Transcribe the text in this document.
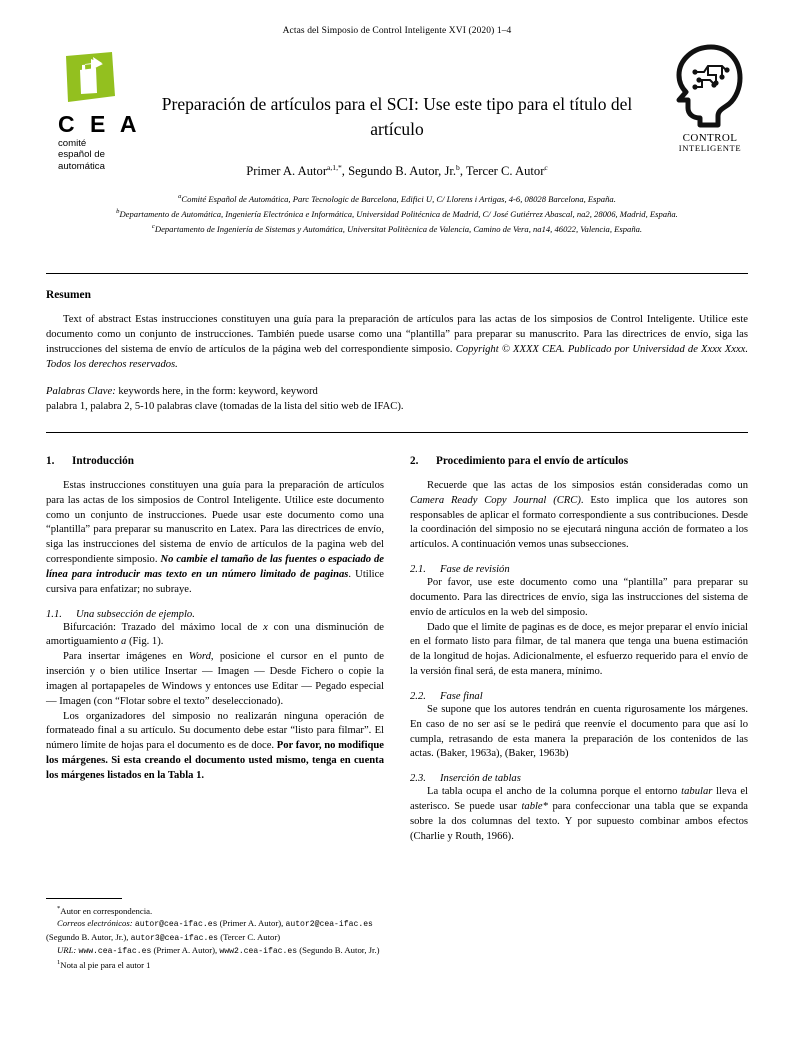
Actas del Simposio de Control Inteligente XVI (2020) 1–4
C E A
comité
español de
automática
CONTROL
INTELIGENTE
Preparación de artículos para el SCI: Use este tipo para el título del artículo
Primer A. Autor$^{a,1,*}$, Segundo B. Autor, Jr.$^b$, Tercer C. Autor$^c$
$^a$Comité Español de Automática, Parc Tecnologic de Barcelona, Edifici U, C/ Llorens i Artigas, 4-6, 08028 Barcelona, España.
$^b$Departamento de Automática, Ingeniería Electrónica e Informática, Universidad Politécnica de Madrid, C/ José Gutiérrez Abascal, na2, 28006, Madrid, España.
$^c$Departamento de Ingeniería de Sistemas y Automática, Universitat Politècnica de Valencia, Camino de Vera, na14, 46022, Valencia, España.
Resumen
Text of abstract Estas instrucciones constituyen una guía para la preparación de artículos para las actas de los simposios de Control Inteligente. Utilice este documento como un conjunto de instrucciones. También puede usarse como una “plantilla” para preparar su manuscrito. Para las directrices de envío, siga las instrucciones del sistema de envío de artículos de la página web del correspondiente simposio. Copyright © XXXX CEA. Publicado por Universidad de Xxxx Xxxx. Todos los derechos reservados.
Palabras Clave: keywords here, in the form: keyword, keyword
palabra 1, palabra 2, 5-10 palabras clave (tomadas de la lista del sitio web de IFAC).
1.	Introducción

Estas instrucciones constituyen una guía para la preparación de artículos para las actas de los simposios de Control Inteligente. Utilice este documento como un conjunto de instrucciones. Puede usar este documento como una “plantilla” para preparar su manuscrito en Latex. Para las directrices de envío, siga las instrucciones del sistema de envío de artículos de la pagina web del correspondiente simposio. No cambie el tamaño de las fuentes o espaciado de línea para introducir mas texto en un número limitado de paginas. Utilice cursiva para enfatizar; no subraye.

1.1.	Una subsección de ejemplo.

Bifurcación: Trazado del máximo local de x con una disminución de amortiguamiento a (Fig. 1).

Para insertar imágenes en Word, posicione el cursor en el punto de inserción y o bien utilice Insertar — Imagen — Desde Fichero o copie la imagen al portapapeles de Windows y entonces use Editar — Pegado especial — Imagen (con “Flotar sobre el texto” deseleccionado).

Los organizadores del simposio no realizarán ninguna operación de formateado final a su artículo. Su documento debe estar “listo para filmar”. El número límite de hojas para el documento es de doce. Por favor, no modifique los márgenes. Si esta creando el documento usted mismo, tenga en cuenta los márgenes listados en la Tabla 1.

2.	Procedimiento para el envío de artículos

Recuerde que las actas de los simposios están consideradas como un Camera Ready Copy Journal (CRC). Esto implica que los autores son responsables de aplicar el formato correspondiente a sus contribuciones. Desde la coordinación del simposio no se ejecutará ninguna acción de formateo a los artículos. A continuación vemos unas subsecciones.

2.1.	Fase de revisión

Por favor, use este documento como una “plantilla” para preparar su documento. Para las directrices de envío, siga las instrucciones del sistema de envío de artículos en la web del simposio.

Dado que el limite de paginas es de doce, es mejor preparar el envío inicial en el formato listo para filmar, de tal manera que tenga una buena estimación de la longitud de hojas. Adicionalmente, el esfuerzo requerido para el envío de la versión final será, de esta manera, mínimo.

2.2.	Fase final

Se supone que los autores tendrán en cuenta rigurosamente los márgenes. En caso de no ser así se le pedirá que reenvíe el documento para que así lo cumpla, retrasando de esta manera la preparación de los contenidos de las actas. (Baker, 1963a), (Baker, 1963b)

2.3.	Inserción de tablas

La tabla ocupa el ancho de la columna porque el entorno tabular lleva el asterisco. Se puede usar table* para confeccionar una tabla que se expanda sobre la dos columnas del texto. Y por supuesto combinar ambos efectos (Charlie y Routh, 1966).

*Autor en correspondencia.

Correos electrónicos: autor@cea-ifac.es (Primer A. Autor), autor2@cea-ifac.es (Segundo B. Autor, Jr.), autor3@cea-ifac.es (Tercer C. Autor)

URL: www.cea-ifac.es (Primer A. Autor), www2.cea-ifac.es (Segundo B. Autor, Jr.)

$^1$Nota al pie para el autor 1
